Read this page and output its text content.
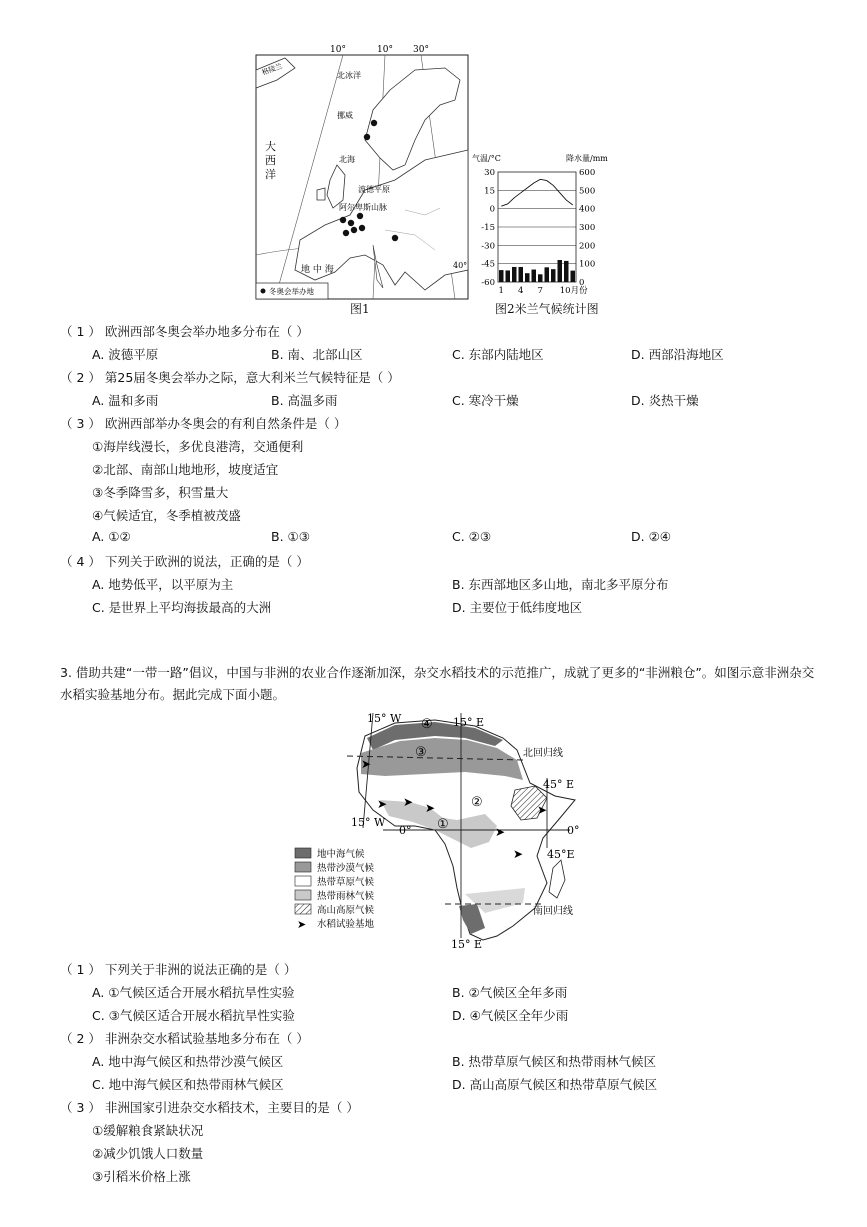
10°	10° 30°
40°
格陵兰	北冰洋
挪威
大
西
洋
北海
波德平原
阿尔卑斯山脉
地 中 海
冬奥会举办地
图1
气温/°C	降水量/mm
30
15
0
-15
-30
-45
-60
600
500
400
300
200
100
0
1 4 7 10月份
图2米兰气候统计图
（ 1 ） 欧洲西部冬奥会举办地多分布在（ ）
A. 波德平原	B. 南、北部山区	C. 东部内陆地区	D. 西部沿海地区
（ 2 ） 第25届冬奥会举办之际，意大利米兰气候特征是（ ）
A. 温和多雨	B. 高温多雨	C. 寒冷干燥	D. 炎热干燥
（ 3 ） 欧洲西部举办冬奥会的有利自然条件是（ ）
①海岸线漫长，多优良港湾，交通便利
②北部、南部山地地形，坡度适宜
③冬季降雪多，积雪量大
④气候适宜，冬季植被茂盛
A. ①②	B. ①③	C. ②③	D. ②④
（ 4 ） 下列关于欧洲的说法，正确的是（ ）
A. 地势低平，以平原为主	B. 东西部地区多山地，南北多平原分布
C. 是世界上平均海拔最高的大洲	D. 主要位于低纬度地区
3. 借助共建“一带一路”倡议，中国与非洲的农业合作逐渐加深，杂交水稻技术的示范推广，成就了更多的“非洲粮仓”。如图示意非洲杂交水稻实验基地分布。据此完成下面小题。
➤
➤ ➤ ➤
➤
➤
➤
15° W	15° E
④
③	北回归线
45° E
②
15° W	①
0°	0°
45°E
南回归线
15° E
➤
地中海气候
热带沙漠气候
热带草原气候
热带雨林气候
高山高原气候
水稻试验基地
（ 1 ） 下列关于非洲的说法正确的是（ ）
A. ①气候区适合开展水稻抗旱性实验	B. ②气候区全年多雨
C. ③气候区适合开展水稻抗旱性实验	D. ④气候区全年少雨
（ 2 ） 非洲杂交水稻试验基地多分布在（ ）
A. 地中海气候区和热带沙漠气候区	B. 热带草原气候区和热带雨林气候区
C. 地中海气候区和热带雨林气候区	D. 高山高原气候区和热带草原气候区
（ 3 ） 非洲国家引进杂交水稻技术，主要目的是（ ）
①缓解粮食紧缺状况
②减少饥饿人口数量
③引稻米价格上涨
